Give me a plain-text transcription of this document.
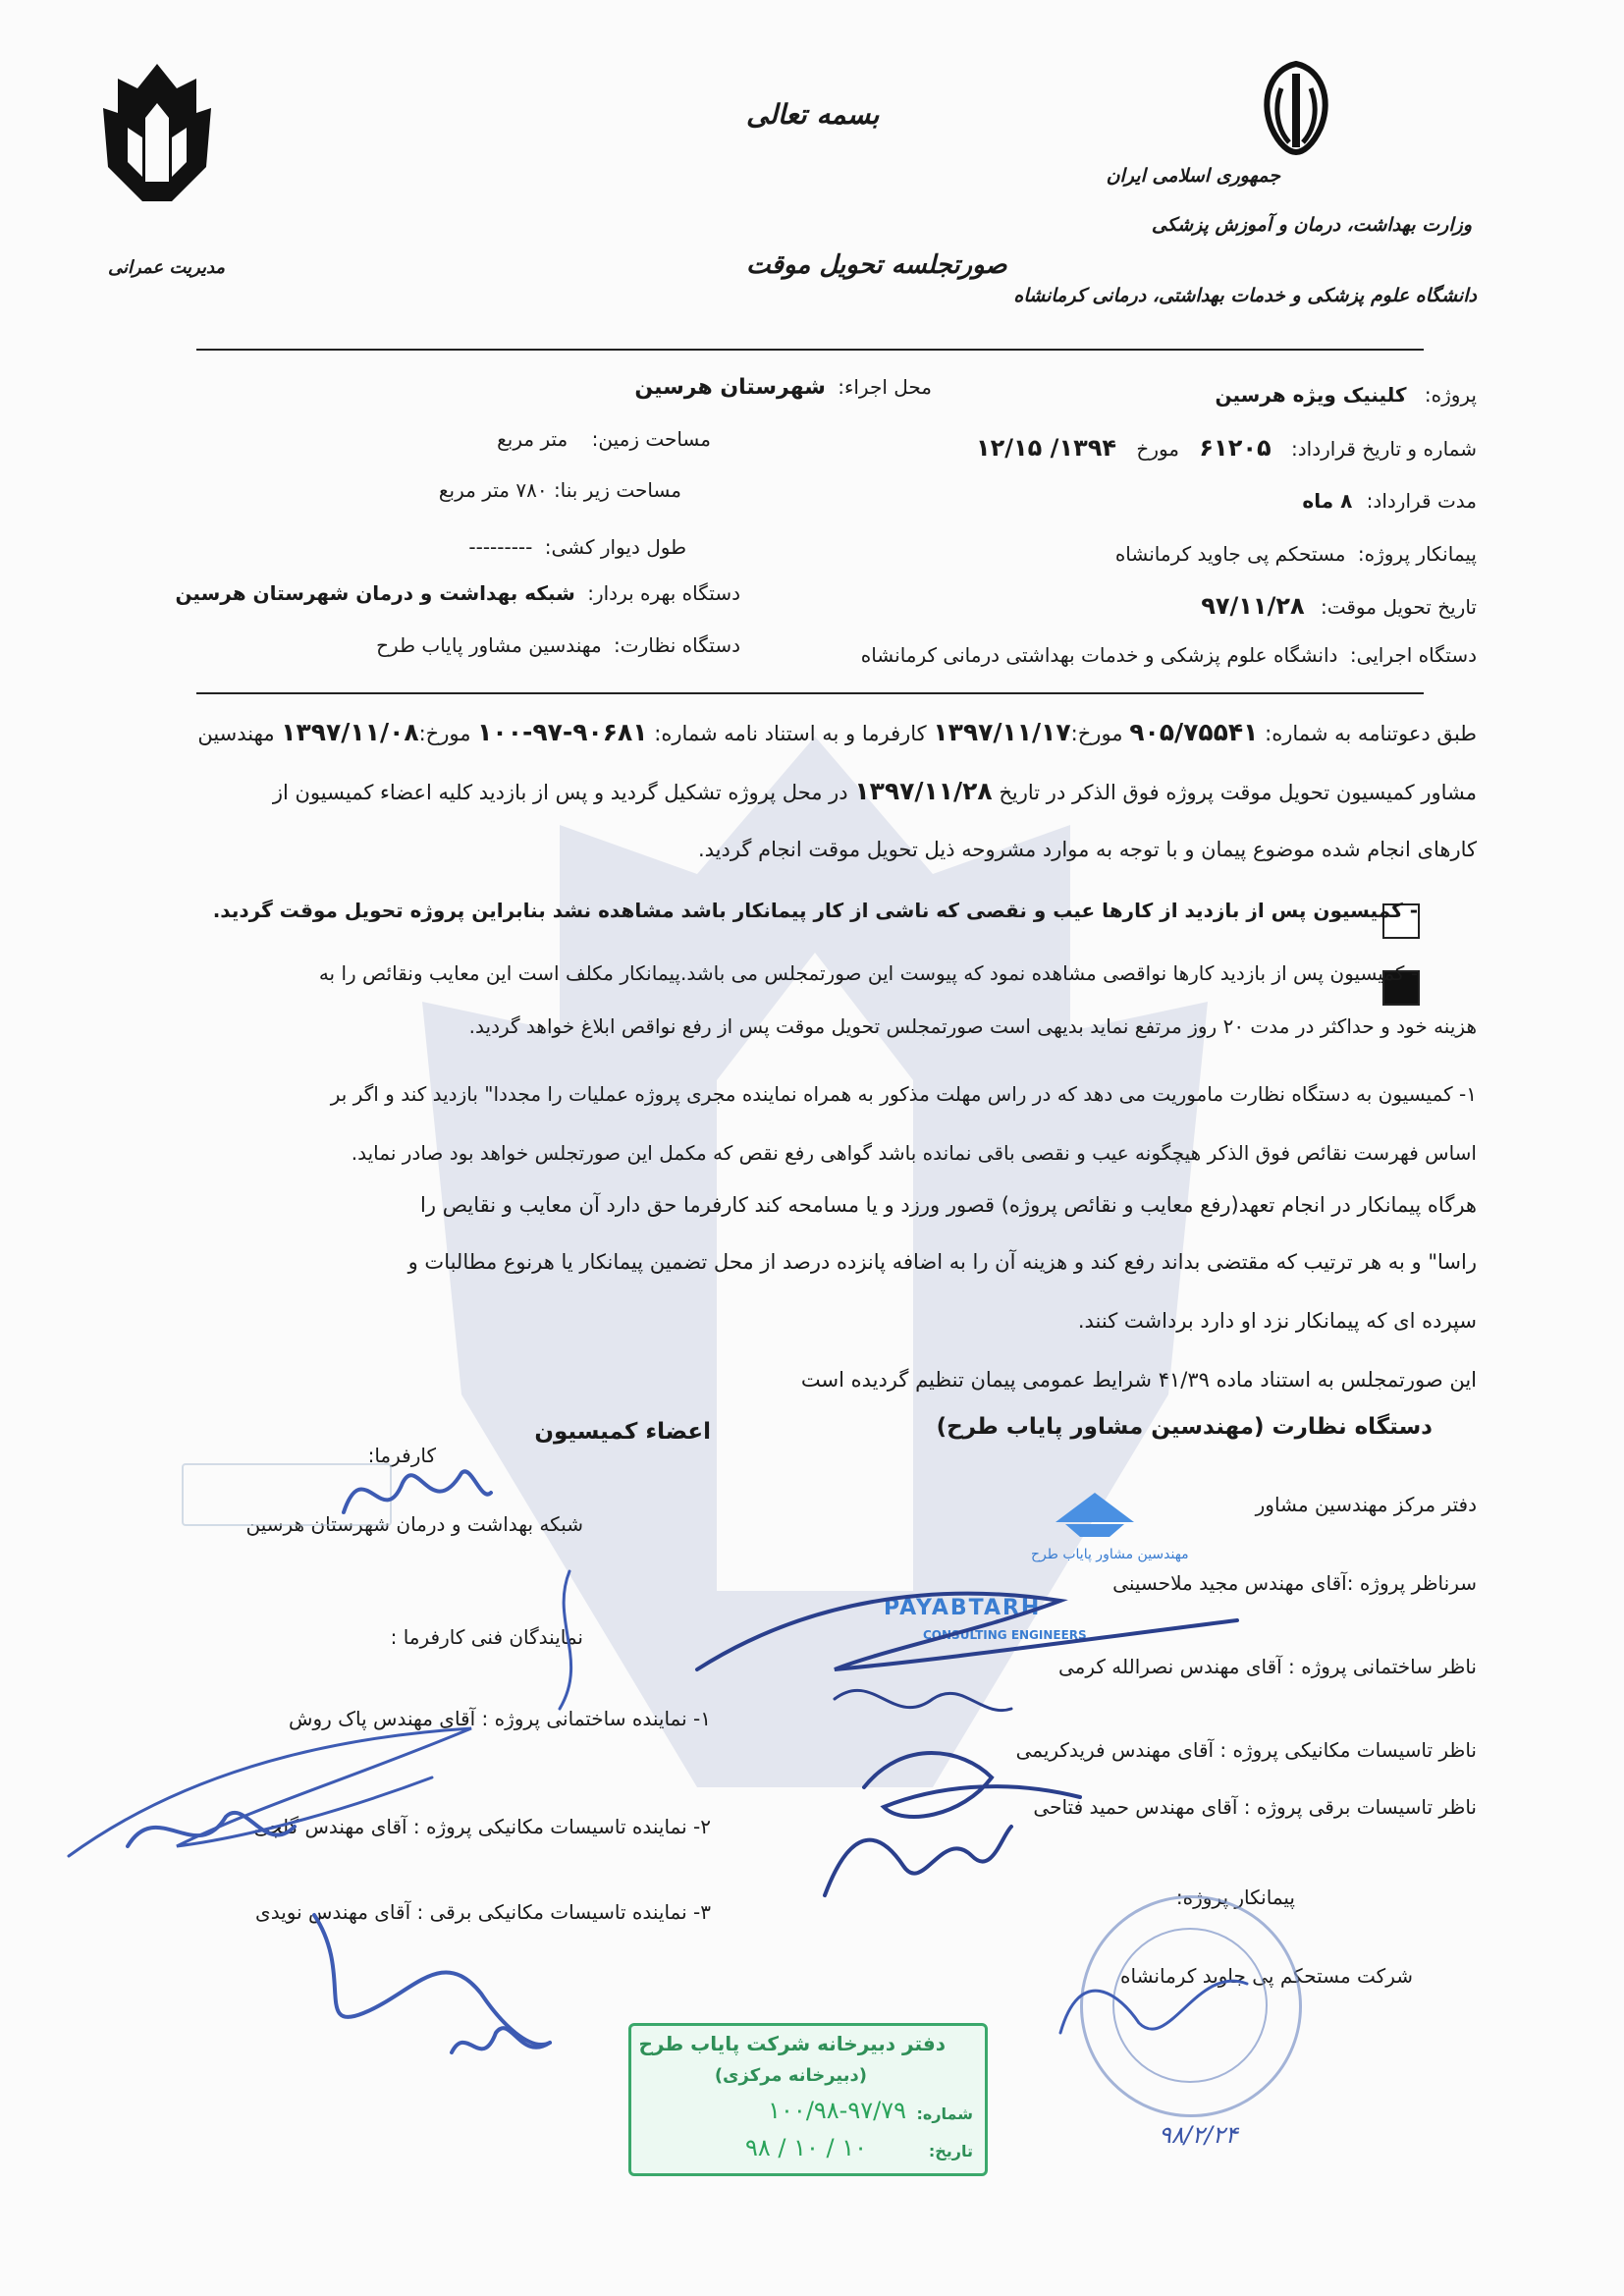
مدیریت عمرانی
بسمه تعالی
صورتجلسه تحویل موقت
جمهوری اسلامی ایران
وزارت بهداشت، درمان و آموزش پزشکی
دانشگاه علوم پزشکی و خدمات بهداشتی، درمانی کرمانشاه
پروژه: کلینیک ویژه هرسین
شماره و تاریخ قرارداد: ۶۱۲۰۵ مورخ ۱۳۹۴/ ۱۲/۱۵
مدت قرارداد: ۸ ماه
پیمانکار پروژه: مستحکم پی جاوید کرمانشاه
تاریخ تحویل موقت: ۹۷/۱۱/۲۸
دستگاه اجرایی: دانشگاه علوم پزشکی و خدمات بهداشتی درمانی کرمانشاه
محل اجراء: شهرستان هرسین
مساحت زمین: متر مربع
مساحت زیر بنا: ۷۸۰ متر مربع
طول دیوار کشی: ---------
دستگاه بهره بردار: شبکه بهداشت و درمان شهرستان هرسین
دستگاه نظارت: مهندسین مشاور پایاب طرح
طبق دعوتنامه به شماره: ۹۰۵/۷۵۵۴۱ مورخ:۱۳۹۷/۱۱/۱۷ کارفرما و به استناد نامه شماره: ۹۰۶۸۱-۹۷-۱۰۰ مورخ:۱۳۹۷/۱۱/۰۸ مهندسین
مشاور کمیسیون تحویل موقت پروژه فوق الذکر در تاریخ ۱۳۹۷/۱۱/۲۸ در محل پروژه تشکیل گردید و پس از بازدید کلیه اعضاء کمیسیون از
کارهای انجام شده موضوع پیمان و با توجه به موارد مشروحه ذیل تحویل موقت انجام گردید.
- کمیسیون پس از بازدید از کارها عیب و نقصی که ناشی از کار پیمانکار باشد مشاهده نشد بنابراین پروژه تحویل موقت گردید.
- کمیسیون پس از بازدید کارها نواقصی مشاهده نمود که پیوست این صورتمجلس می باشد.پیمانکار مکلف است این معایب ونقائص را به
هزینه خود و حداکثر در مدت ۲۰ روز مرتفع نماید بدیهی است صورتمجلس تحویل موقت پس از رفع نواقص ابلاغ خواهد گردید.
۱- کمیسیون به دستگاه نظارت ماموریت می دهد که در راس مهلت مذکور به همراه نماینده مجری پروژه عملیات را مجددا" بازدید کند و اگر بر
اساس فهرست نقائص فوق الذکر هیچگونه عیب و نقصی باقی نمانده باشد گواهی رفع نقص که مکمل این صورتجلس خواهد بود صادر نماید.
هرگاه پیمانکار در انجام تعهد(رفع معایب و نقائص پروژه) قصور ورزد و یا مسامحه کند کارفرما حق دارد آن معایب و نقایص را
راسا" و به هر ترتیب که مقتضی بداند رفع کند و هزینه آن را به اضافه پانزده درصد از محل تضمین پیمانکار یا هرنوع مطالبات و
سپرده ای که پیمانکار نزد او دارد برداشت کنند.
این صورتمجلس به استناد ماده ۴۱/۳۹ شرایط عمومی پیمان تنظیم گردیده است
دستگاه نظارت (مهندسین مشاور پایاب طرح)
اعضاء کمیسیون
کارفرما:
شبکه بهداشت و درمان شهرستان هرسین
نمایندگان فنی کارفرما :
۱- نماینده ساختمانی پروژه : آقای مهندس پاک روش
۲- نماینده تاسیسات مکانیکی پروژه : آقای مهندس گلچی
۳- نماینده تاسیسات مکانیکی برقی : آقای مهندس نویدی
دفتر مرکز مهندسین مشاور
سرناظر پروژه :آقای مهندس مجید ملاحسینی
ناظر ساختمانی پروژه : آقای مهندس نصرالله کرمی
ناظر تاسیسات مکانیکی پروژه : آقای مهندس فریدکریمی
ناظر تاسیسات برقی پروژه : آقای مهندس حمید فتاحی
پیمانکار پروژه:
شرکت مستحکم پی جاوید کرمانشاه
مهندسین مشاور پایاب طرح
PAYABTARH
CONSULTING ENGINEERS
دفتر دبیرخانه شرکت پایاب طرح
(دبیرخانه مرکزی)
شماره:
۱۰۰/۹۸-۹۷/۷۹
تاریخ:
۹۸ / ۱۰ / ۱۰	۹۸/۲/۲۴
